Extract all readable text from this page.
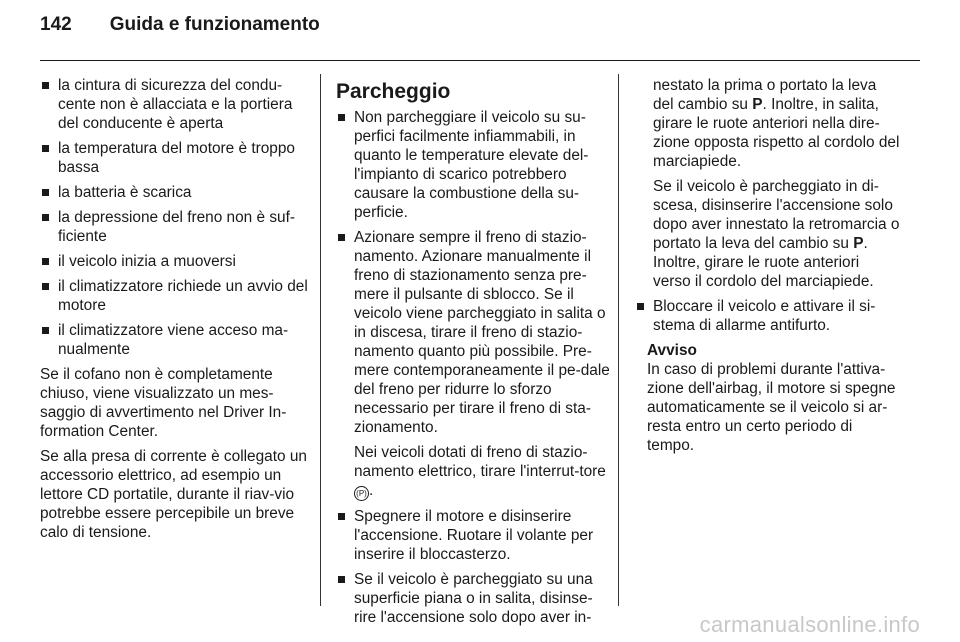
142 Guida e funzionamento
la cintura di sicurezza del condu-cente non è allacciata e la portiera del conducente è aperta
la temperatura del motore è troppo bassa
la batteria è scarica
la depressione del freno non è suf-ficiente
il veicolo inizia a muoversi
il climatizzatore richiede un avvio del motore
il climatizzatore viene acceso ma-nualmente

Se il cofano non è completamente chiuso, viene visualizzato un mes-saggio di avvertimento nel Driver In-formation Center.

Se alla presa di corrente è collegato un accessorio elettrico, ad esempio un lettore CD portatile, durante il riav-vio potrebbe essere percepibile un breve calo di tensione.

Parcheggio
Non parcheggiare il veicolo su su-perfici facilmente infiammabili, in quanto le temperature elevate del-l'impianto di scarico potrebbero causare la combustione della su-perficie.
Azionare sempre il freno di stazio-namento. Azionare manualmente il freno di stazionamento senza pre-mere il pulsante di sblocco. Se il veicolo viene parcheggiato in salita o in discesa, tirare il freno di stazio-namento quanto più possibile. Pre-mere contemporaneamente il pe-dale del freno per ridurre lo sforzo necessario per tirare il freno di sta-zionamento.
Nei veicoli dotati di freno di stazio-namento elettrico, tirare l'interrut-tore (P) .
Spegnere il motore e disinserire l'accensione. Ruotare il volante per inserire il bloccasterzo.
Se il veicolo è parcheggiato su una superficie piana o in salita, disinse-rire l'accensione solo dopo aver in-

nestato la prima o portato la leva del cambio su P. Inoltre, in salita, girare le ruote anteriori nella dire-zione opposta rispetto al cordolo del marciapiede.

Se il veicolo è parcheggiato in di-scesa, disinserire l'accensione solo dopo aver innestato la retromarcia o portato la leva del cambio su P. Inoltre, girare le ruote anteriori verso il cordolo del marciapiede.

Bloccare il veicolo e attivare il si-stema di allarme antifurto.
Avviso
In caso di problemi durante l'attiva-zione dell'airbag, il motore si spegne automaticamente se il veicolo si ar-resta entro un certo periodo di tempo.
carmanualsonline.info
